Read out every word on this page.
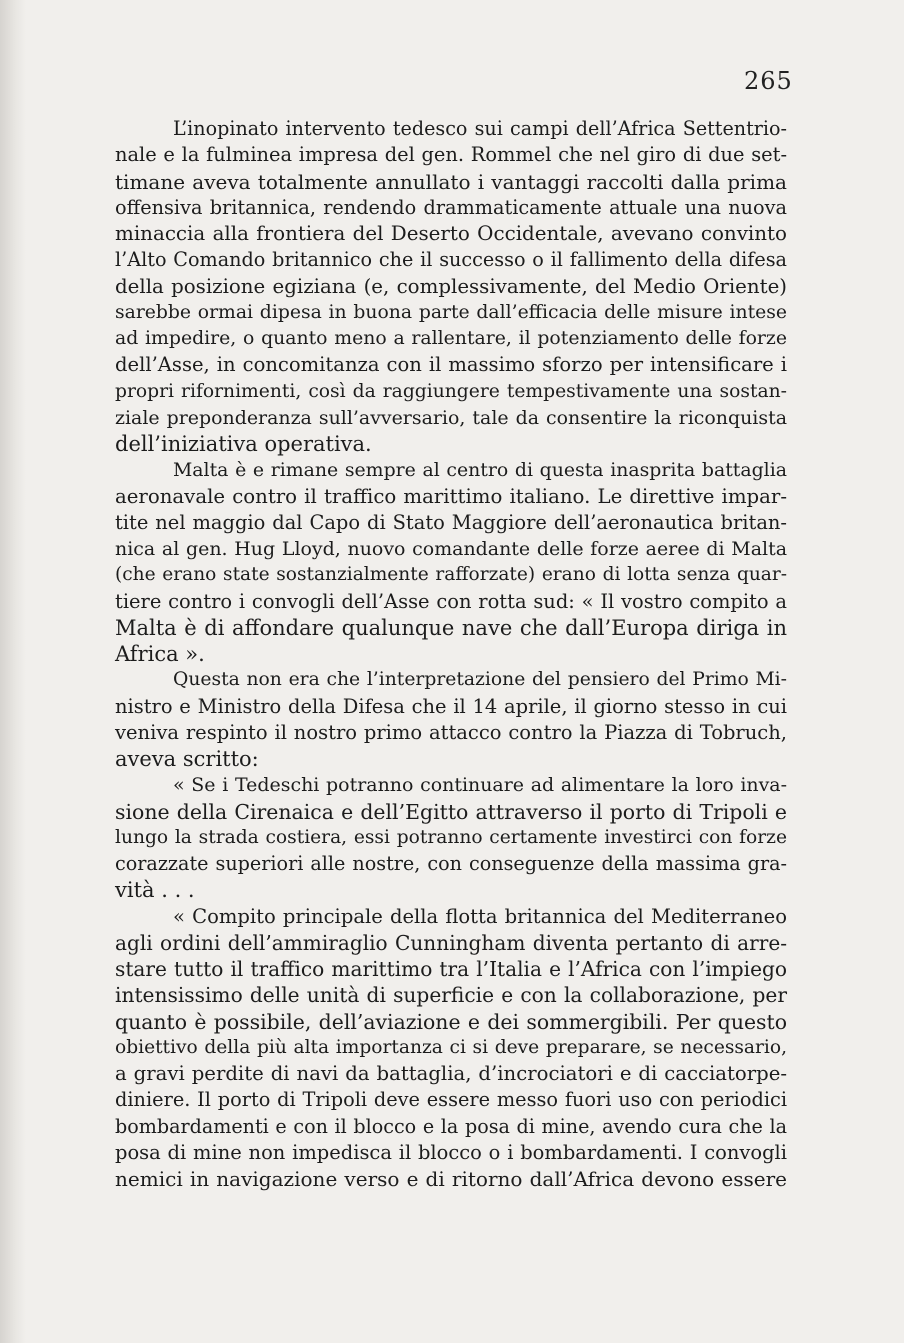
265
L’inopinato intervento tedesco sui campi dell’Africa Settentrio-
nale e la fulminea impresa del gen. Rommel che nel giro di due set-
timane aveva totalmente annullato i vantaggi raccolti dalla prima
offensiva britannica, rendendo drammaticamente attuale una nuova
minaccia alla frontiera del Deserto Occidentale, avevano convinto
l’Alto Comando britannico che il successo o il fallimento della difesa
della posizione egiziana (e, complessivamente, del Medio Oriente)
sarebbe ormai dipesa in buona parte dall’efficacia delle misure intese
ad impedire, o quanto meno a rallentare, il potenziamento delle forze
dell’Asse, in concomitanza con il massimo sforzo per intensificare i
propri rifornimenti, così da raggiungere tempestivamente una sostan-
ziale preponderanza sull’avversario, tale da consentire la riconquista
dell’iniziativa operativa.
Malta è e rimane sempre al centro di questa inasprita battaglia
aeronavale contro il traffico marittimo italiano. Le direttive impar-
tite nel maggio dal Capo di Stato Maggiore dell’aeronautica britan-
nica al gen. Hug Lloyd, nuovo comandante delle forze aeree di Malta
(che erano state sostanzialmente rafforzate) erano di lotta senza quar-
tiere contro i convogli dell’Asse con rotta sud: « Il vostro compito a
Malta è di affondare qualunque nave che dall’Europa diriga in
Africa ».
Questa non era che l’interpretazione del pensiero del Primo Mi-
nistro e Ministro della Difesa che il 14 aprile, il giorno stesso in cui
veniva respinto il nostro primo attacco contro la Piazza di Tobruch,
aveva scritto:
« Se i Tedeschi potranno continuare ad alimentare la loro inva-
sione della Cirenaica e dell’Egitto attraverso il porto di Tripoli e
lungo la strada costiera, essi potranno certamente investirci con forze
corazzate superiori alle nostre, con conseguenze della massima gra-
vità . . .
« Compito principale della flotta britannica del Mediterraneo
agli ordini dell’ammiraglio Cunningham diventa pertanto di arre-
stare tutto il traffico marittimo tra l’Italia e l’Africa con l’impiego
intensissimo delle unità di superficie e con la collaborazione, per
quanto è possibile, dell’aviazione e dei sommergibili. Per questo
obiettivo della più alta importanza ci si deve preparare, se necessario,
a gravi perdite di navi da battaglia, d’incrociatori e di cacciatorpe-
diniere. Il porto di Tripoli deve essere messo fuori uso con periodici
bombardamenti e con il blocco e la posa di mine, avendo cura che la
posa di mine non impedisca il blocco o i bombardamenti. I convogli
nemici in navigazione verso e di ritorno dall’Africa devono essere
